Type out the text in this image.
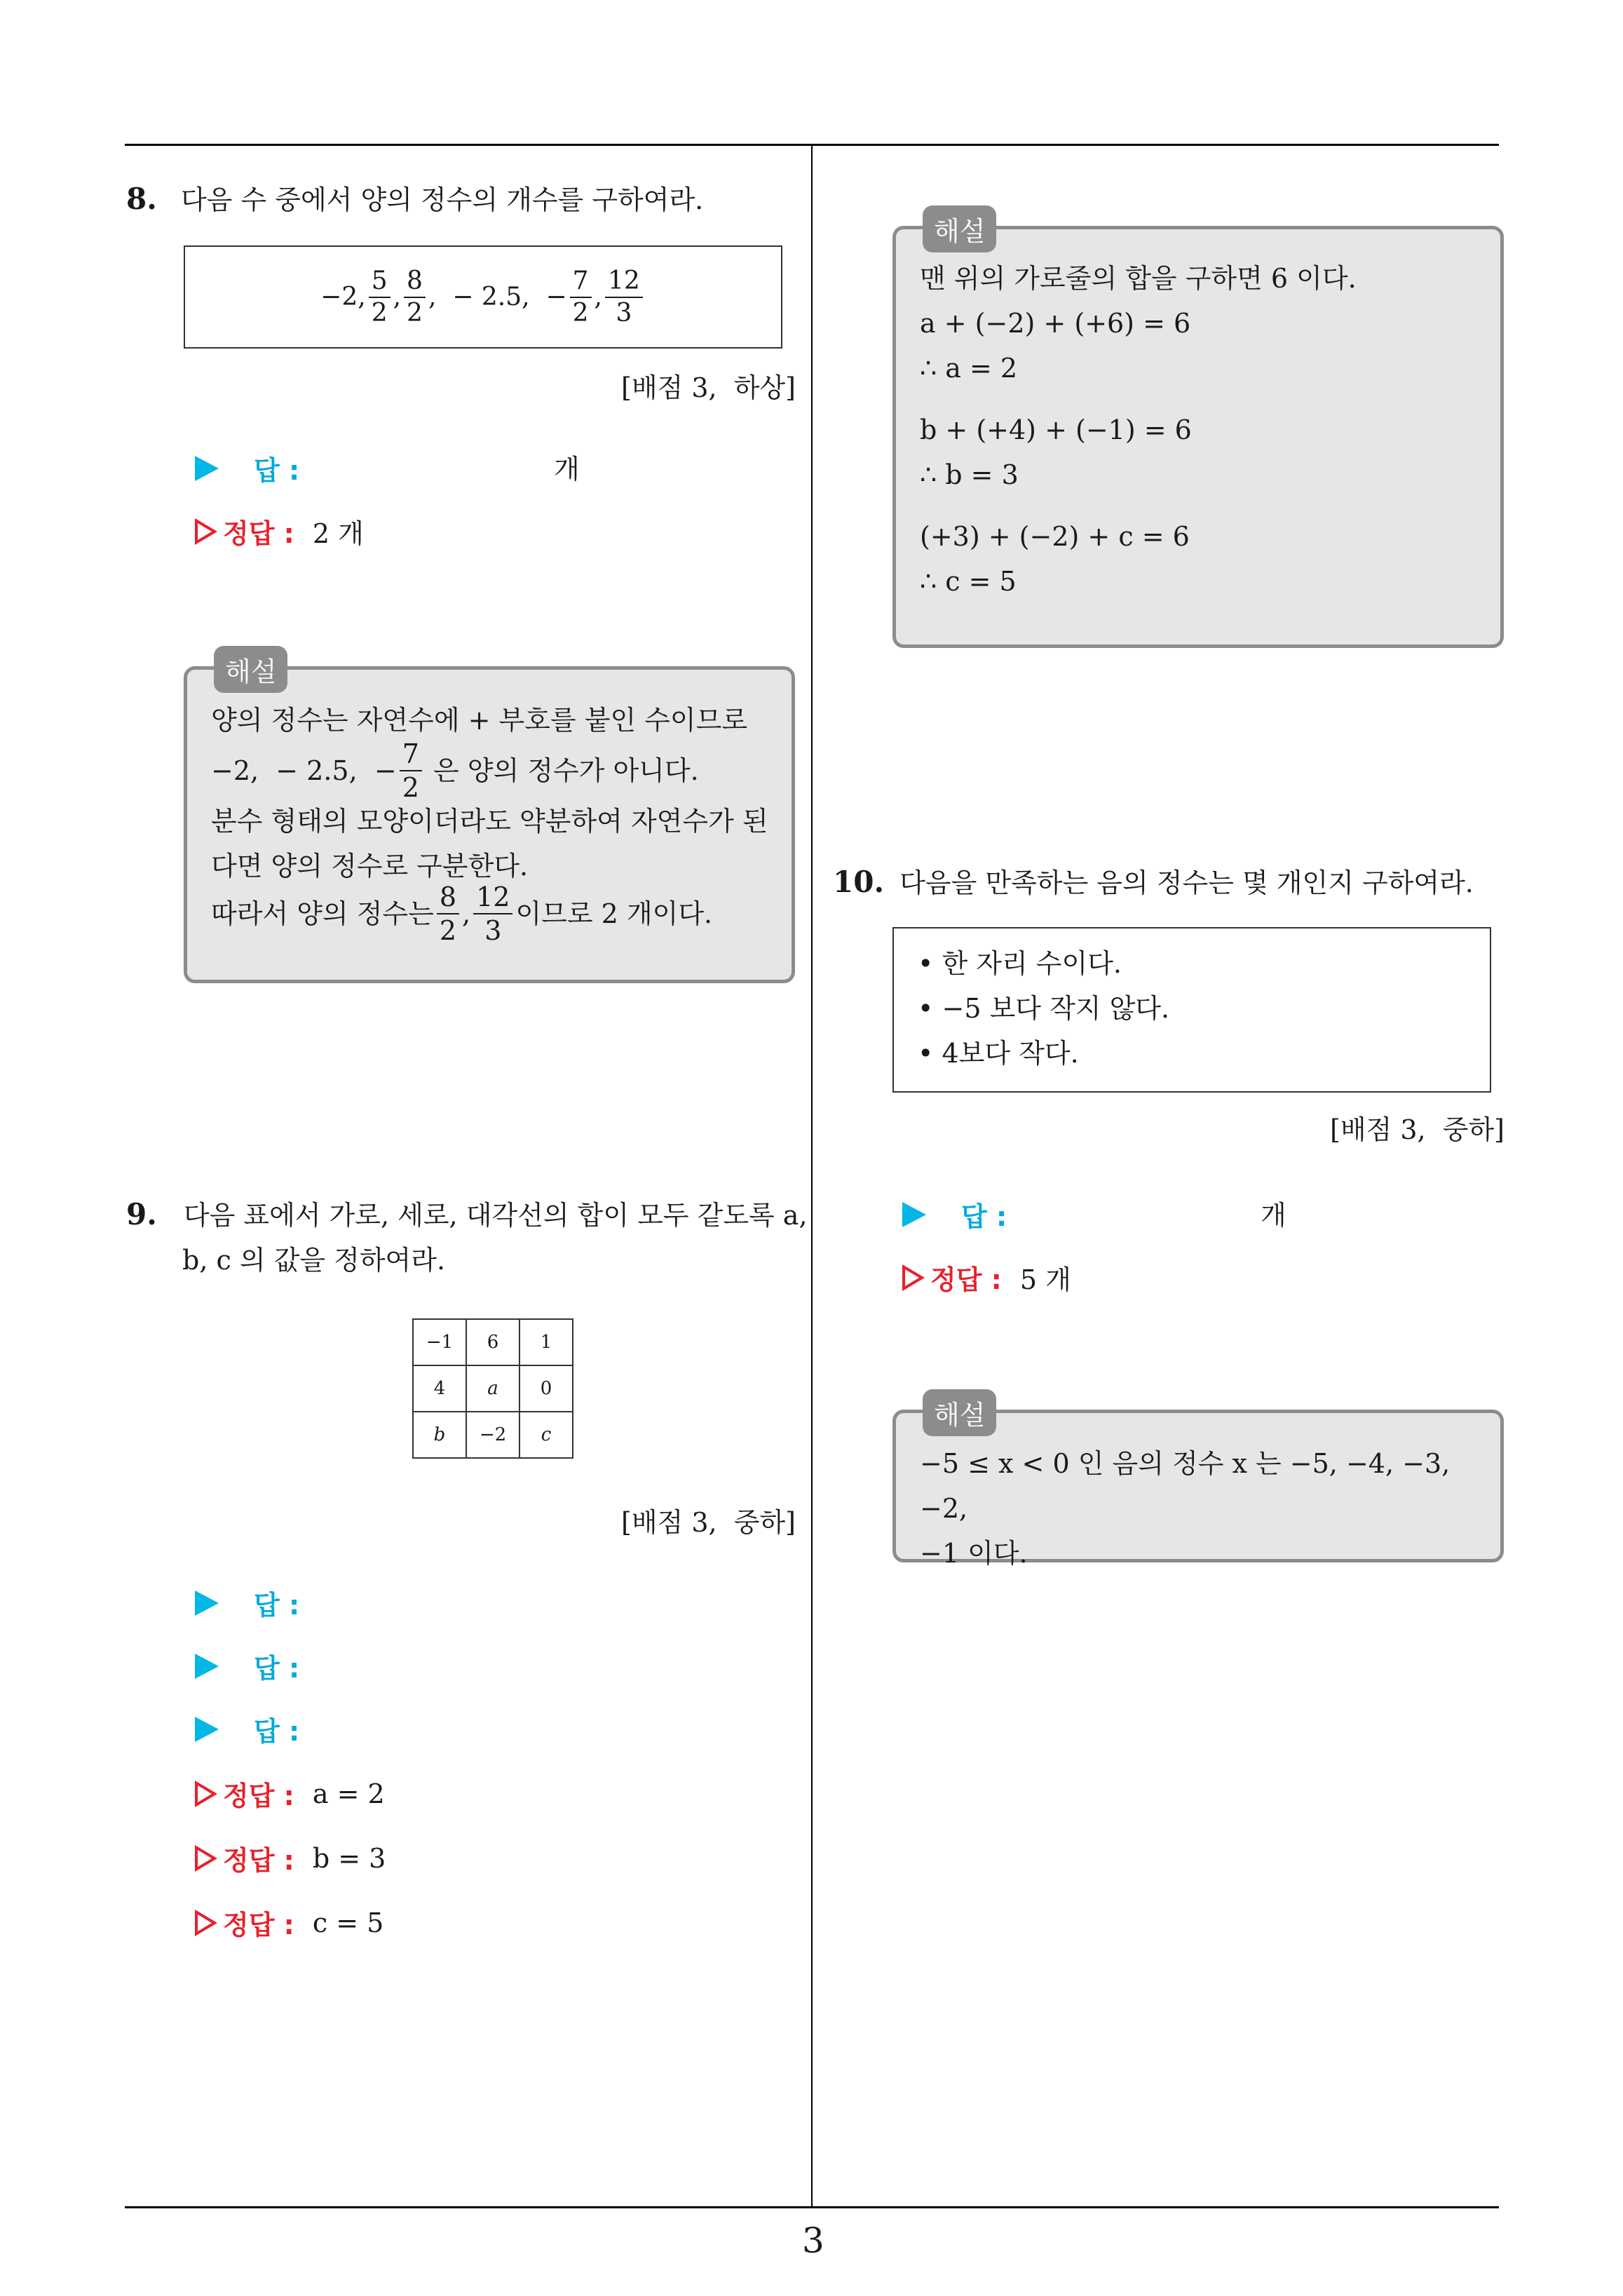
8. 다음 수 중에서 양의 정수의 개수를 구하여라.
−2, $\frac{5}{2}$ , $\frac{8}{2}$ ,  − 2.5,  − $\frac{7}{2}$ , $\frac{12}{3}$
[배점 3,  하상]
답 :	개
정답 : 2 개
해설
양의 정수는 자연수에 + 부호를 붙인 수이므로
−2,  − 2.5,  − $\frac{7}{2}$ 은 양의 정수가 아니다.
분수 형태의 모양이더라도 약분하여 자연수가 된
다면 양의 정수로 구분한다.
따라서 양의 정수는 $\frac{8}{2}$ , $\frac{12}{3}$ 이므로 2 개이다.
9. 다음 표에서 가로, 세로, 대각선의 합이 모두 같도록 a,
b, c 의 값을 정하여라.
−1	6	1
4	a	0
b	−2	c
[배점 3,  중하]
답 :
답 :
답 :
정답 : a = 2
정답 : b = 3
정답 : c = 5
해설
맨 위의 가로줄의 합을 구하면 6 이다.
a + (−2) + (+6) = 6
∴ a = 2
b + (+4) + (−1) = 6
∴ b = 3
(+3) + (−2) + c = 6
∴ c = 5
10. 다음을 만족하는 음의 정수는 몇 개인지 구하여라.
• 한 자리 수이다.
• −5 보다 작지 않다.
• 4보다 작다.
[배점 3,  중하]
답 :	개
정답 : 5 개
해설
−5 ≤ x < 0 인 음의 정수 x 는 −5, −4, −3, −2,
−1 이다.
3
